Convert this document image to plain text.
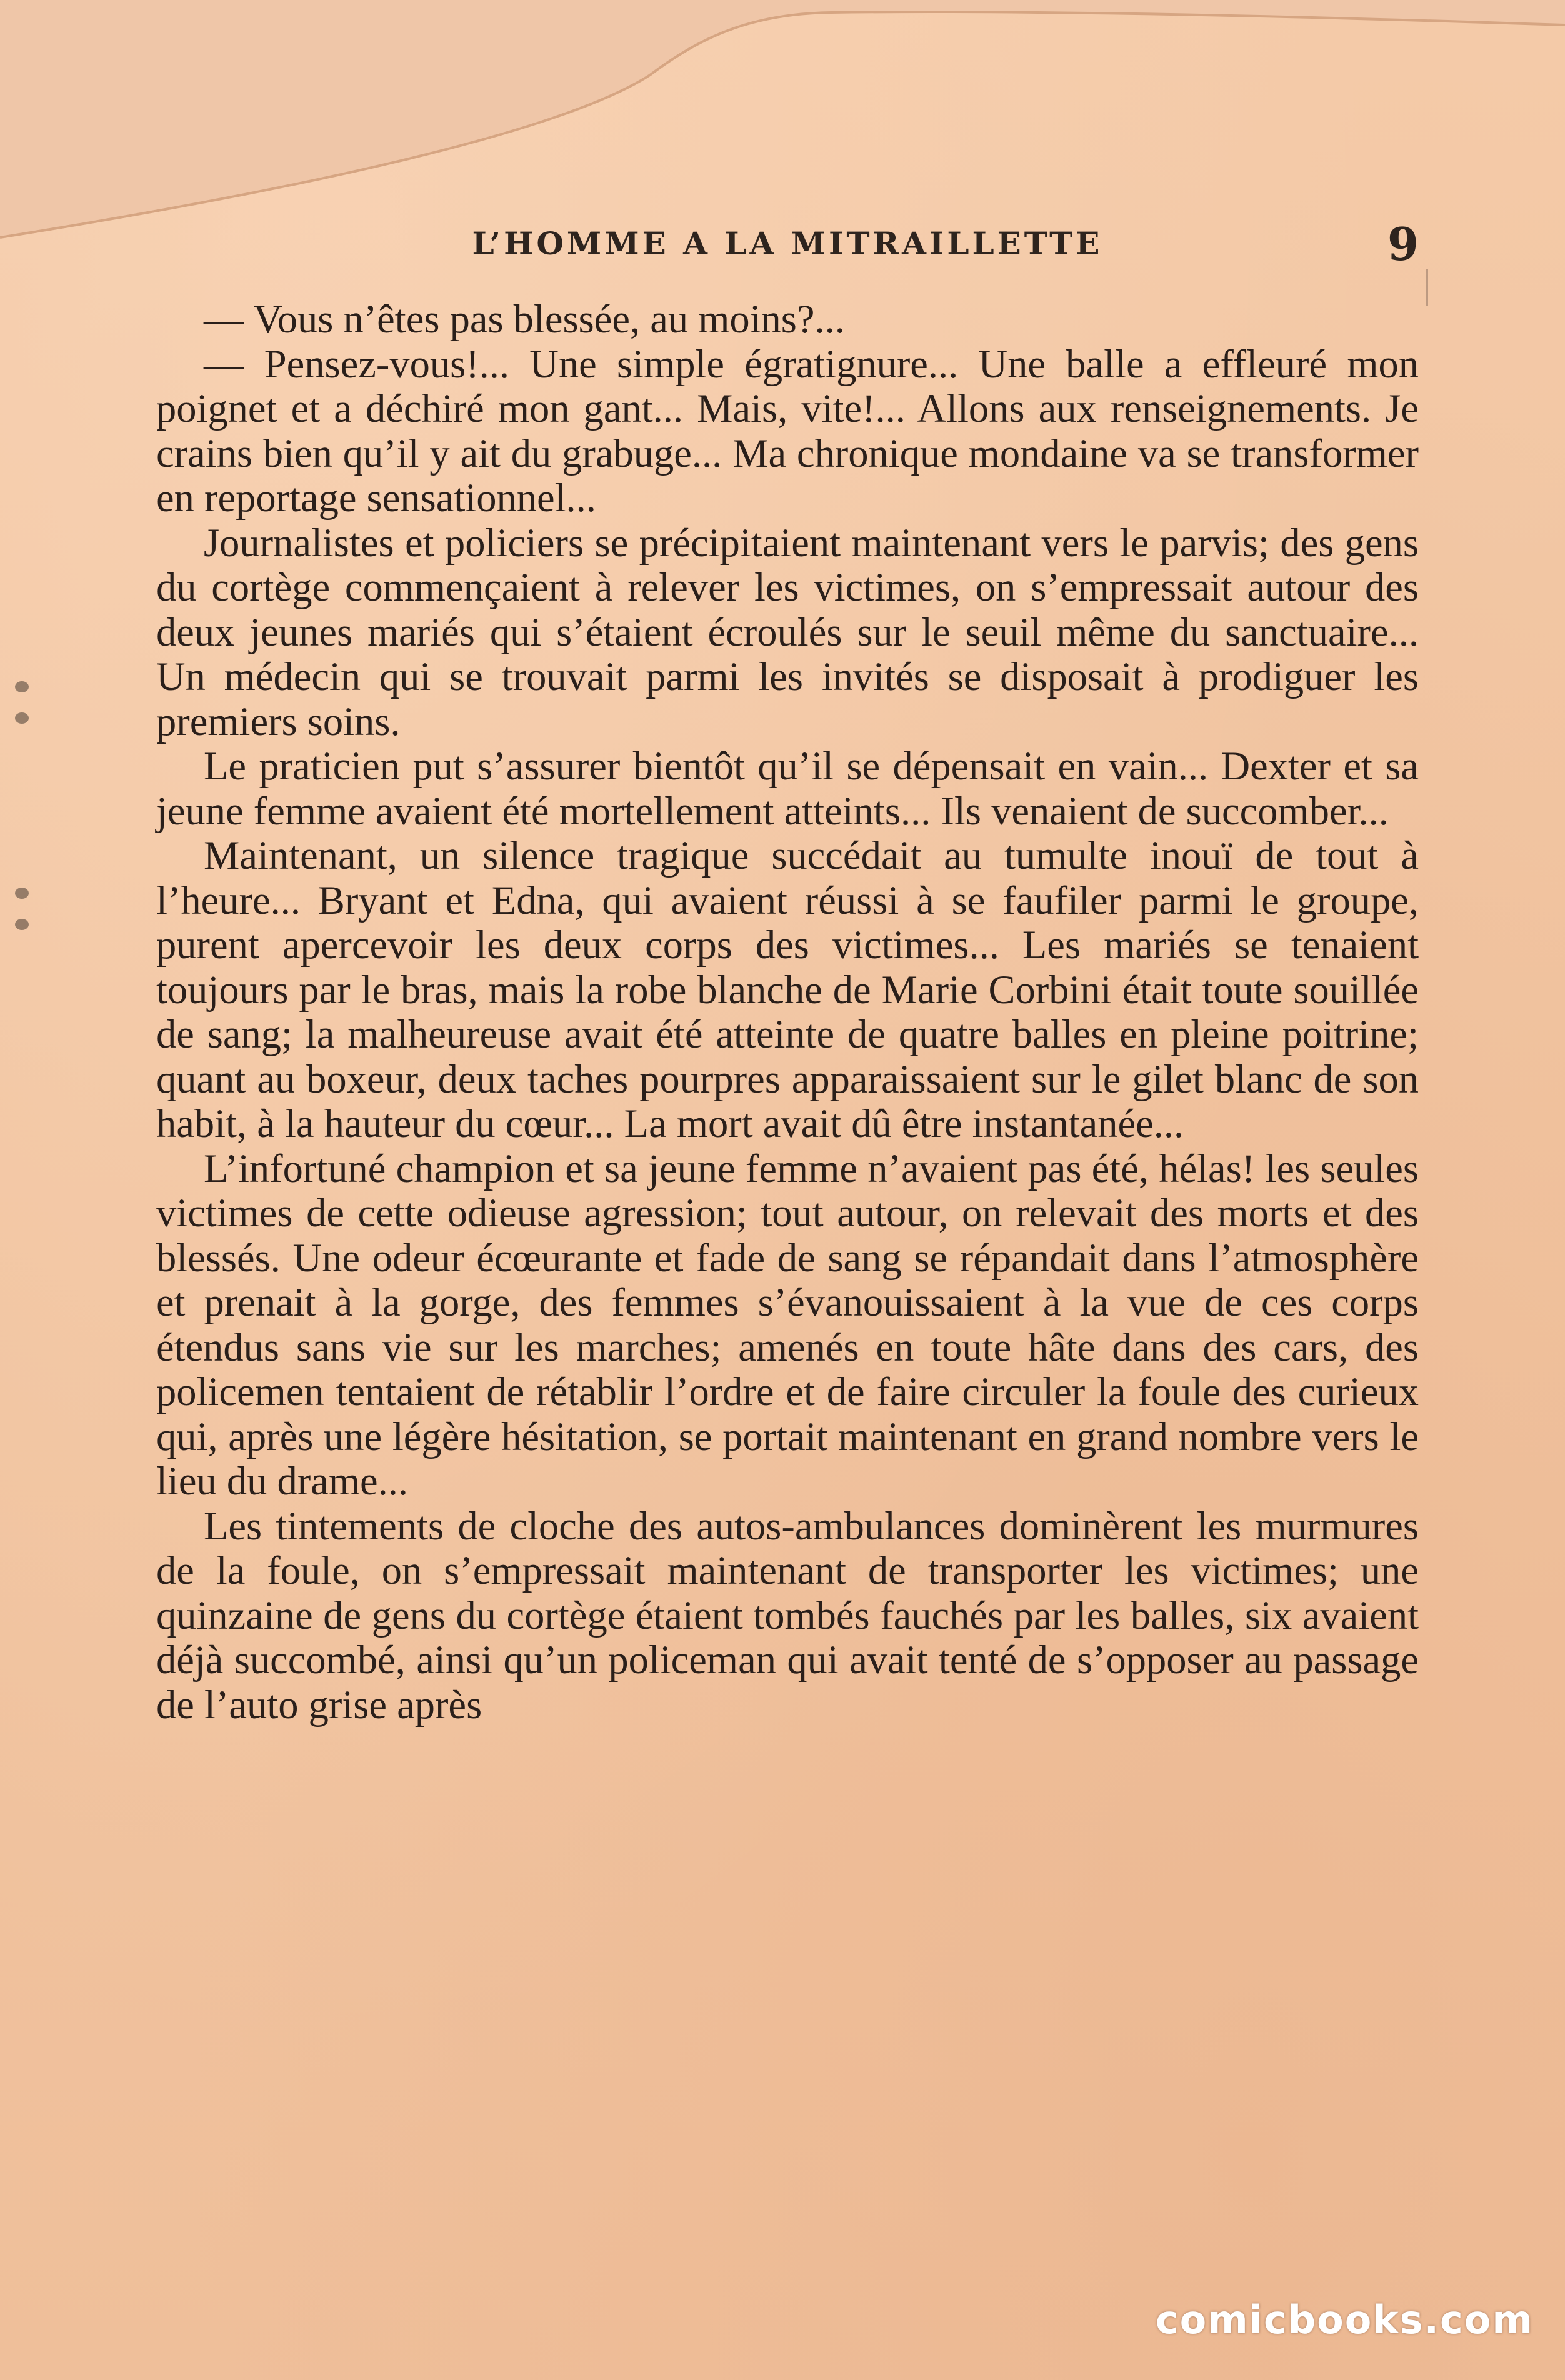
L’HOMME A LA MITRAILLETTE	9

— Vous n’êtes pas blessée, au moins?...

— Pensez-vous!... Une simple égratignure... Une balle a effleuré mon poignet et a déchiré mon gant... Mais, vite!... Allons aux renseignements. Je crains bien qu’il y ait du grabuge... Ma chronique mondaine va se transformer en reportage sensationnel...

Journalistes et policiers se précipitaient maintenant vers le parvis; des gens du cortège commençaient à relever les victimes, on s’empressait autour des deux jeunes mariés qui s’étaient écroulés sur le seuil même du sanctuaire... Un médecin qui se trouvait parmi les invités se disposait à prodiguer les premiers soins.

Le praticien put s’assurer bientôt qu’il se dépensait en vain... Dexter et sa jeune femme avaient été mortellement atteints... Ils venaient de succomber...

Maintenant, un silence tragique succédait au tumulte inouï de tout à l’heure... Bryant et Edna, qui avaient réussi à se faufiler parmi le groupe, purent apercevoir les deux corps des victimes... Les mariés se tenaient toujours par le bras, mais la robe blanche de Marie Corbini était toute souillée de sang; la malheureuse avait été atteinte de quatre balles en pleine poitrine; quant au boxeur, deux taches pourpres apparaissaient sur le gilet blanc de son habit, à la hauteur du cœur... La mort avait dû être instantanée...

L’infortuné champion et sa jeune femme n’avaient pas été, hélas! les seules victimes de cette odieuse agression; tout autour, on relevait des morts et des blessés. Une odeur écœurante et fade de sang se répandait dans l’atmosphère et prenait à la gorge, des femmes s’évanouissaient à la vue de ces corps étendus sans vie sur les marches; amenés en toute hâte dans des cars, des policemen tentaient de rétablir l’ordre et de faire circuler la foule des curieux qui, après une légère hésitation, se portait maintenant en grand nombre vers le lieu du drame...

Les tintements de cloche des autos-ambulances dominèrent les murmures de la foule, on s’empressait maintenant de transporter les victimes; une quinzaine de gens du cortège étaient tombés fauchés par les balles, six avaient déjà succombé, ainsi qu’un policeman qui avait tenté de s’opposer au passage de l’auto grise après

comicbooks.com
